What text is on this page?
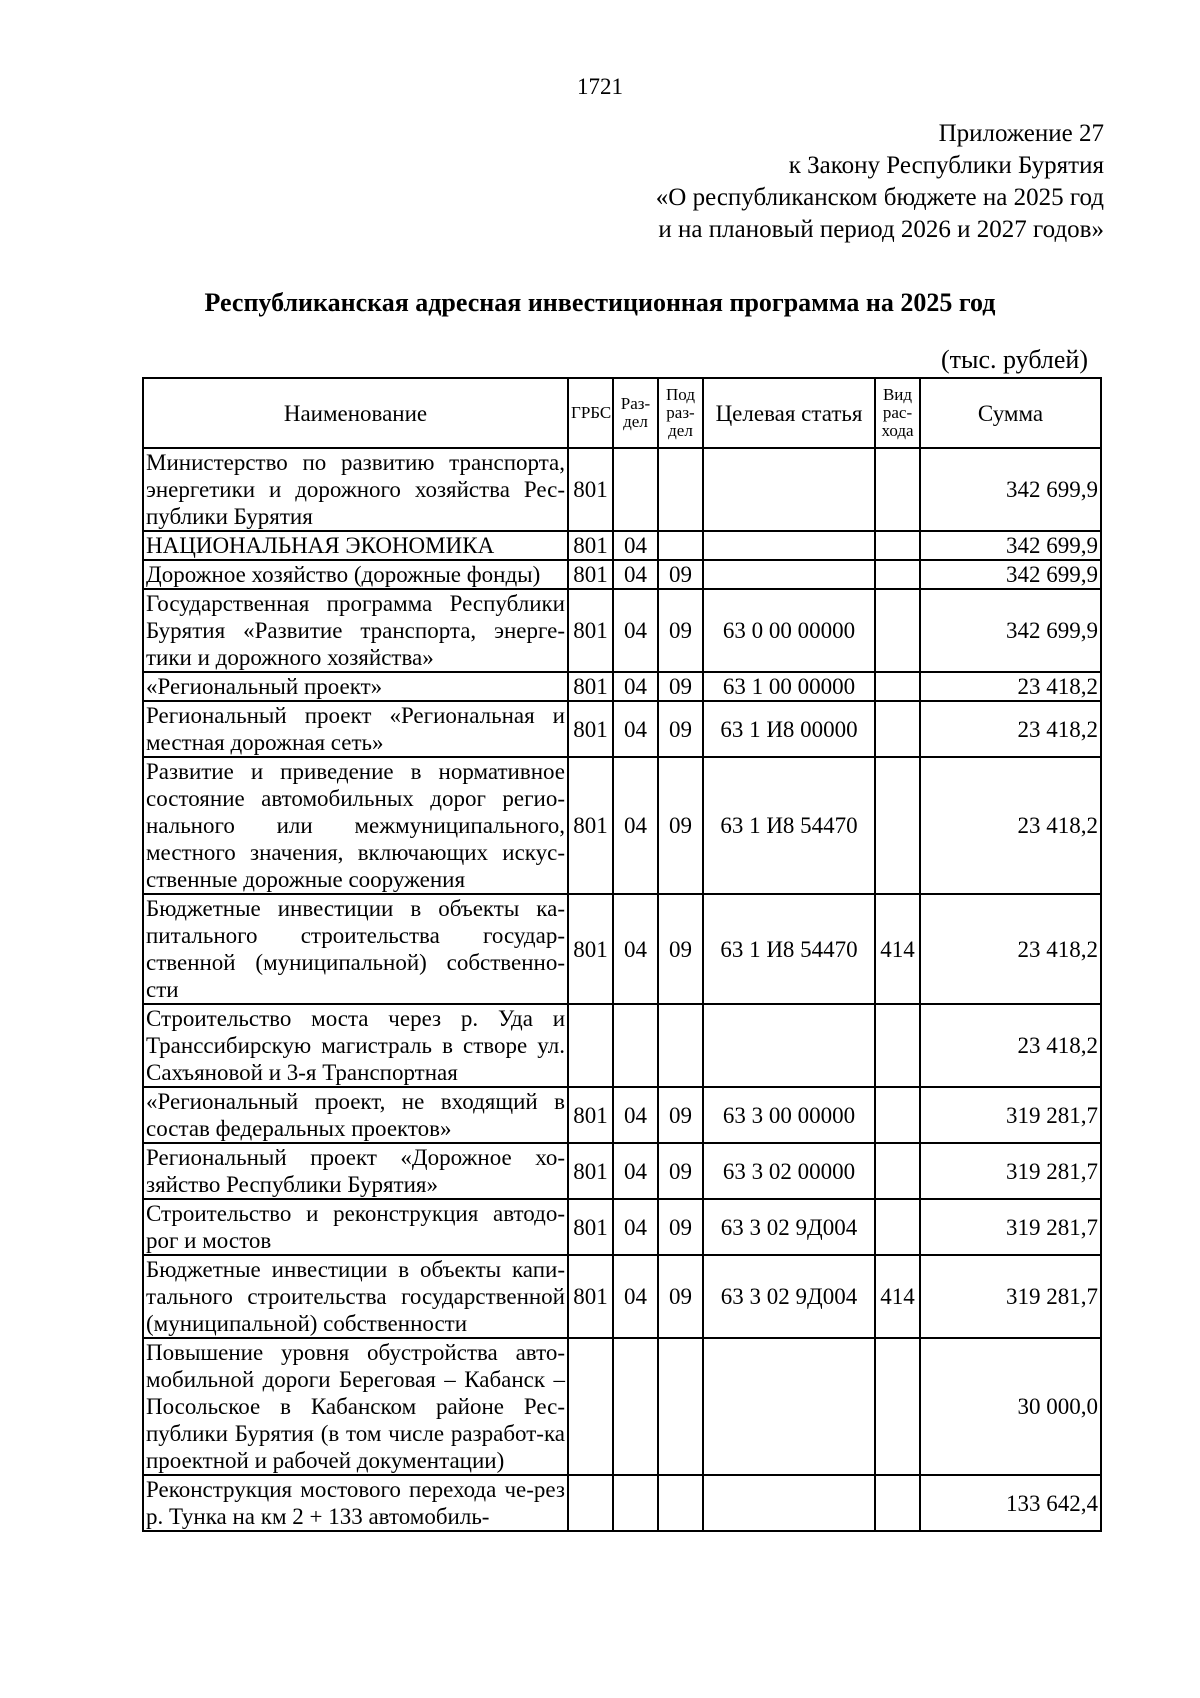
1721
Приложение 27
к Закону Республики Бурятия
«О республиканском бюджете на 2025 год
и на плановый период 2026 и 2027 годов»
Республиканская адресная инвестиционная программа на 2025 год
(тыс. рублей)
Наименование	ГРБС	Раз-дел	Под раз-дел	Целевая статья	Вид рас-хода	Сумма
Министерство по развитию транспорта, энергетики и дорожного хозяйства Рес-публики Бурятия	801					342 699,9
НАЦИОНАЛЬНАЯ ЭКОНОМИКА	801	04				342 699,9
Дорожное хозяйство (дорожные фонды)	801	04	09			342 699,9
Государственная программа Республики Бурятия «Развитие транспорта, энерге-тики и дорожного хозяйства»	801	04	09	63 0 00 00000		342 699,9
«Региональный проект»	801	04	09	63 1 00 00000		23 418,2
Региональный проект «Региональная и местная дорожная сеть»	801	04	09	63 1 И8 00000		23 418,2
Развитие и приведение в нормативное состояние автомобильных дорог регио-нального или межмуниципального, местного значения, включающих искус-ственные дорожные сооружения	801	04	09	63 1 И8 54470		23 418,2
Бюджетные инвестиции в объекты ка-питального строительства государ-ственной (муниципальной) собственно-сти	801	04	09	63 1 И8 54470	414	23 418,2
Строительство моста через р. Уда и Транссибирскую магистраль в створе ул. Сахъяновой и 3-я Транспортная						23 418,2
«Региональный проект, не входящий в состав федеральных проектов»	801	04	09	63 3 00 00000		319 281,7
Региональный проект «Дорожное хо-зяйство Республики Бурятия»	801	04	09	63 3 02 00000		319 281,7
Строительство и реконструкция автодо-рог и мостов	801	04	09	63 3 02 9Д004		319 281,7
Бюджетные инвестиции в объекты капи-тального строительства государственной (муниципальной) собственности	801	04	09	63 3 02 9Д004	414	319 281,7
Повышение уровня обустройства авто-мобильной дороги Береговая – Кабанск – Посольское в Кабанском районе Рес-публики Бурятия (в том числе разработ-ка проектной и рабочей документации)						30 000,0
Реконструкция мостового перехода че-рез р. Тунка на км 2 + 133 автомобиль-						133 642,4
